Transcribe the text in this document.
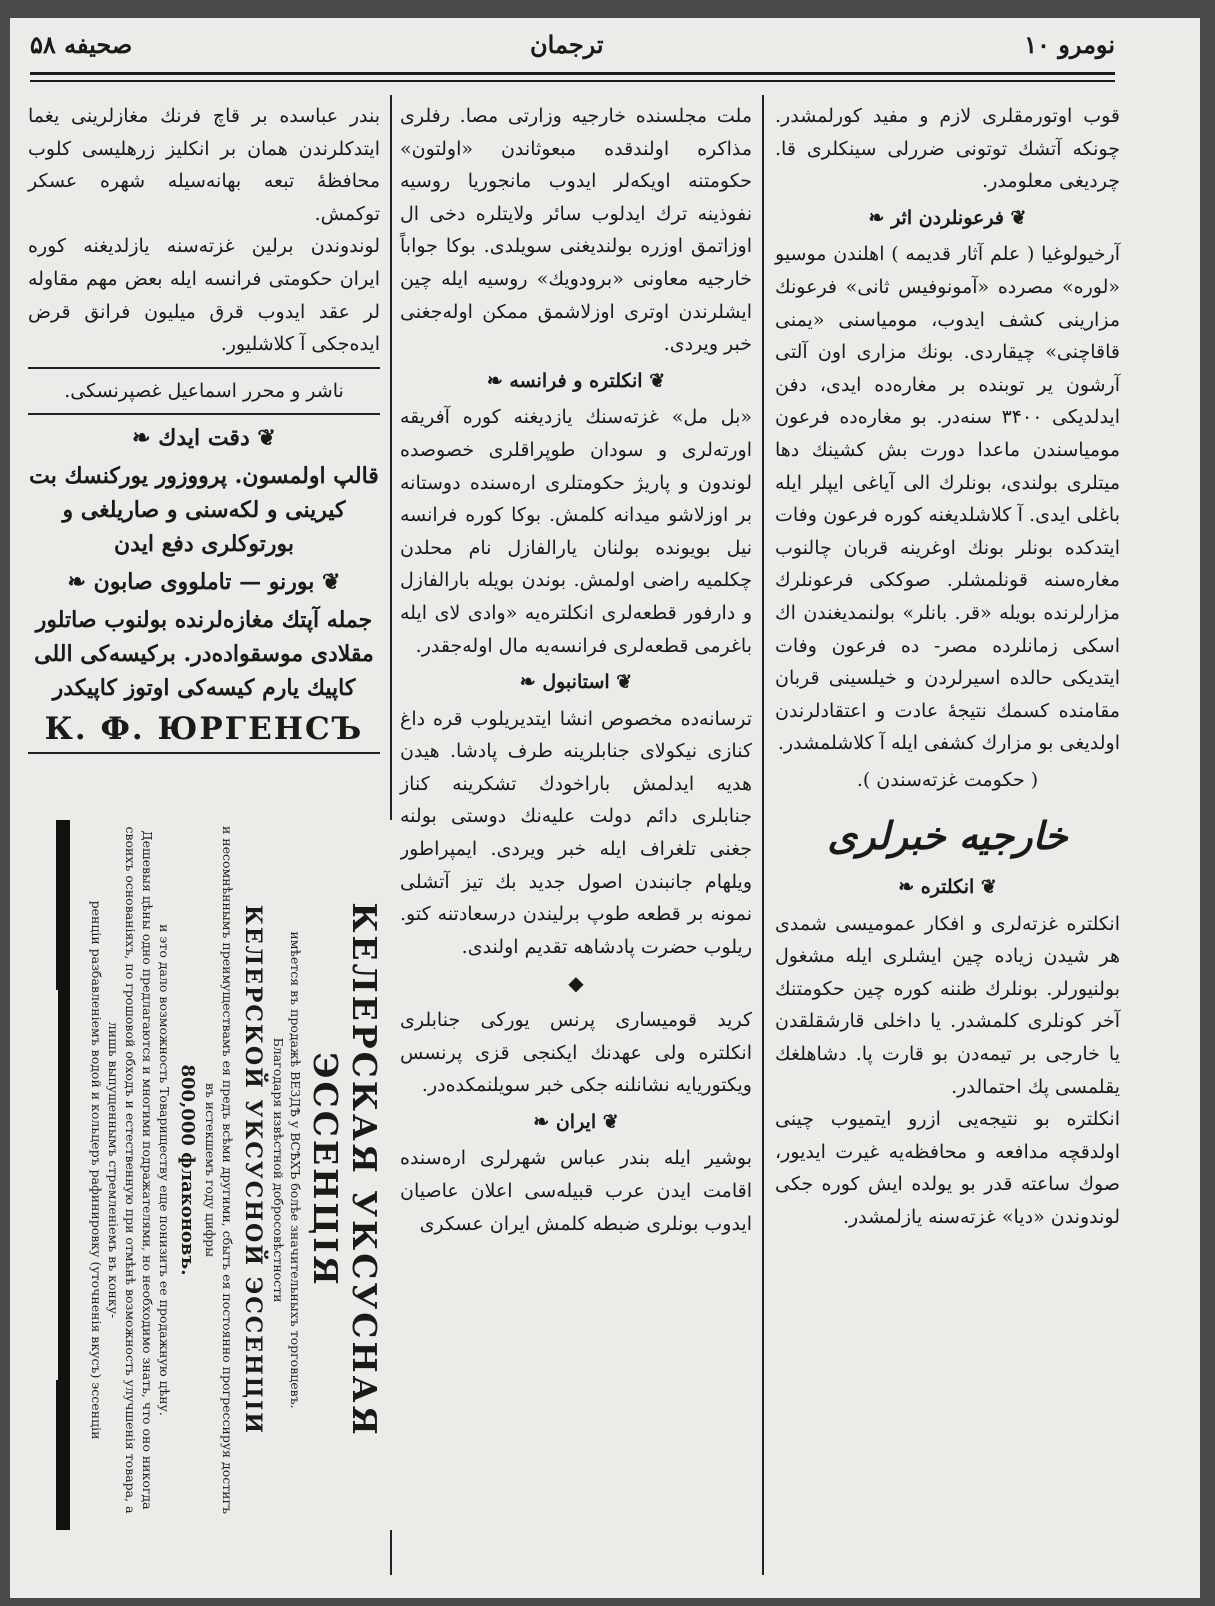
صحیفه ۵۸	ترجمان	نومرو ۱۰

قوب اوتورمقلری لازم و مفید کورلمشدر. چونکه آتشك توتونی ضررلی سینکلری قا. چردیغی معلومدر.

❦ فرعونلردن اثر ❧

آرخیولوغیا ( علم آثار قدیمه ) اهلندن موسیو «لوره» مصرده «آمونوفیس ثانی» فرعونك مزارینی کشف ایدوب، مومیاسنی «یمنی قاقاچنی» چیقاردی. بونك مزاری اون آلتی آرشون یر توبنده بر مغاره‌ده ایدی، دفن ایدلدیکی ۳۴۰۰ سنه‌در. بو مغاره‌ده فرعون مومیاسندن ماعدا دورت بش کشینك دها میتلری بولندی، بونلرك الی آیاغی ایپلر ایله باغلی ایدی. آ کلاشلدیغنه کوره فرعون وفات ایتدکده بونلر بونك اوغرینه قربان چالنوب مغاره‌سنه قونلمشلر. صوککی فرعونلرك مزارلرنده بویله «قر. بانلر» بولنمدیغندن اك اسکی زمانلرده مصر- ده فرعون وفات ایتدیکی حالده اسیرلردن و خیلسینی قربان مقامنده کسمك نتیجهٔ عادت و اعتقادلرندن اولدیغی بو مزارك کشفی ایله آ کلاشلمشدر.

( حکومت غزته‌سندن ).

خارجیه خبرلری

❦ انکلتره ❧

انکلتره غزته‌لری و افکار عمومیسی شمدی هر شیدن زیاده چین ایشلری ایله مشغول بولنیورلر. بونلرك ظننه کوره چین حکومتنك آخر کونلری کلمشدر. یا داخلی قارشقلقدن یا خارجی بر تیمه‌دن بو قارت پا. دشاهلغك یقلمسی پك احتمالدر.

انکلتره بو نتیجه‌یی ازرو ایتمیوب چینی اولدقچه مدافعه و محافظه‌یه غیرت ایدیور، صوك ساعته قدر بو یولده ایش کوره جکی لوندوندن «دیا» غزته‌سنه یازلمشدر.

ملت مجلسنده خارجیه وزارتی مصا. رفلری مذاکره اولندقده مبعوثاندن «اولتون» حکومتنه اویکه‌لر ایدوب مانجوریا روسیه نفوذینه ترك ایدلوب سائر ولایتلره دخی ال اوزاتمق اوزره بولندیغنی سویلدی. بوکا جواباً خارجیه معاونی «برودویك» روسیه ایله چین ایشلرندن اوتری اوزلاشمق ممکن اوله‌جغنی خبر ویردی.

❦ انکلتره و فرانسه ❧

«بل مل» غزته‌سنك یازدیغنه کوره آفریقه اورته‌لری و سودان طوپراقلری خصوصده لوندون و پاریژ حکومتلری اره‌سنده دوستانه بر اوزلاشو میدانه کلمش. بوکا کوره فرانسه نیل بویونده بولنان یارالفازل نام محلدن چکلمیه راضی اولمش. بوندن بویله بارالفازل و دارفور قطعه‌لری انکلتره‌یه «وادی لای ایله باغرمی قطعه‌لری فرانسه‌یه مال اوله‌جقدر.

❦ استانبول ❧

ترسانه‌ده مخصوص انشا ایتدیریلوب قره داغ کنازی نیکولای جنابلرینه طرف پادشا. هیدن هدیه ایدلمش باراخودك تشکرینه کناز جنابلری دائم دولت علیه‌نك دوستی بولنه جغنی تلغراف ایله خبر ویردی. ایمپراطور ویلهام جانبندن اصول جدید بك تیز آتشلی نمونه بر قطعه طوپ برلیندن درسعادتنه کتو. ریلوب حضرت پادشاهه تقدیم اولندی.

◆

کرید قومیساری پرنس یورکی جنابلری انکلتره ولی عهدنك ایکنجی قزی پرنسس ویکتوریایه نشانلنه جکی خبر سویلنمکده‌در.

❦ ایران ❧

بوشیر ایله بندر عباس شهرلری اره‌سنده اقامت ایدن عرب قبیله‌سی اعلان عاصیان ایدوب بونلری ضبطه کلمش ایران عسکری

بندر عباسده بر قاچ فرنك مغازلرینی یغما ایتدکلرندن همان بر انکلیز زرهلیسی کلوب محافظهٔ تبعه بهانه‌سیله شهره عسکر توکمش.

لوندوندن برلین غزته‌سنه یازلدیغنه کوره ایران حکومتی فرانسه ایله بعض مهم مقاوله لر عقد ایدوب قرق میلیون فرانق قرض ایده‌جکی آ کلاشلیور.

ناشر و محرر اسماعیل غصپرنسکی.

❦ دقت ایدك ❧

قالپ اولمسون. پرووزور یورکنسك بت کیرینی و لکه‌سنی و صاریلغی و بورتوکلری دفع ایدن

❦ بورنو — تاملووی صابون ❧

جمله آپتك مغازه‌لرنده بولنوب صاتلور مقلادی موسقواده‌در. برکیسه‌کی اللی کاپیك یارم کیسه‌کی اوتوز کاپیکدر

К. Ф. ЮРГЕНСЪ
КЕЛЕРСКАЯ УКСУСНАЯ ЭССЕНЦІЯ
имѣется въ продажѣ ВЕЗДѢ у ВСѢХЪ болѣе значительныхъ торговцевъ.
Благодаря извѣстной добросовѣстности
КЕЛЕРСКОЙ УКСУСНОЙ ЭССЕНЦІИ
и несомнѣннымъ преимуществамъ ея предъ всѣми другими, сбытъ ея постоянно прогрессируя достигъ въ истекшемъ году цифры
800,000 флаконовъ.
и это дало возможность Товариществу еще понизить ее продажную цѣну.
Дешевыя цѣны одно предлагаются и многими подражателями, но необходимо знать, что оно никогда своихъ основаніяхъ, по грошовой обходъ и естественную при отмѣнѣ возможность улучшенія товара, а лишь выпущеннымъ стремленіемъ въ конку-
ренціи разбавленіемъ водой и кольцеръ рафинировку (уточненія вкусъ) эссенціи
